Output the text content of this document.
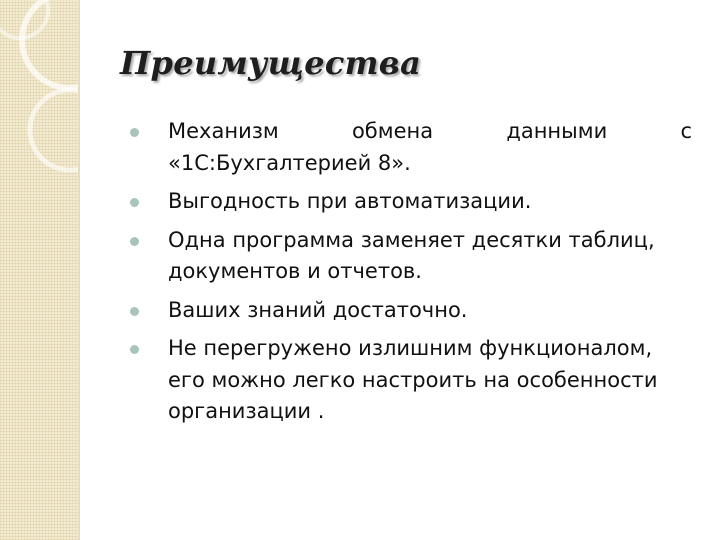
Преимущества
Механизм обмена данными с «1С:Бухгалтерией 8».
Выгодность при автоматизации.
Одна программа заменяет десятки таблиц, документов и отчетов.
Ваших знаний достаточно.
Не перегружено излишним функционалом, его можно легко настроить на особенности организации .
